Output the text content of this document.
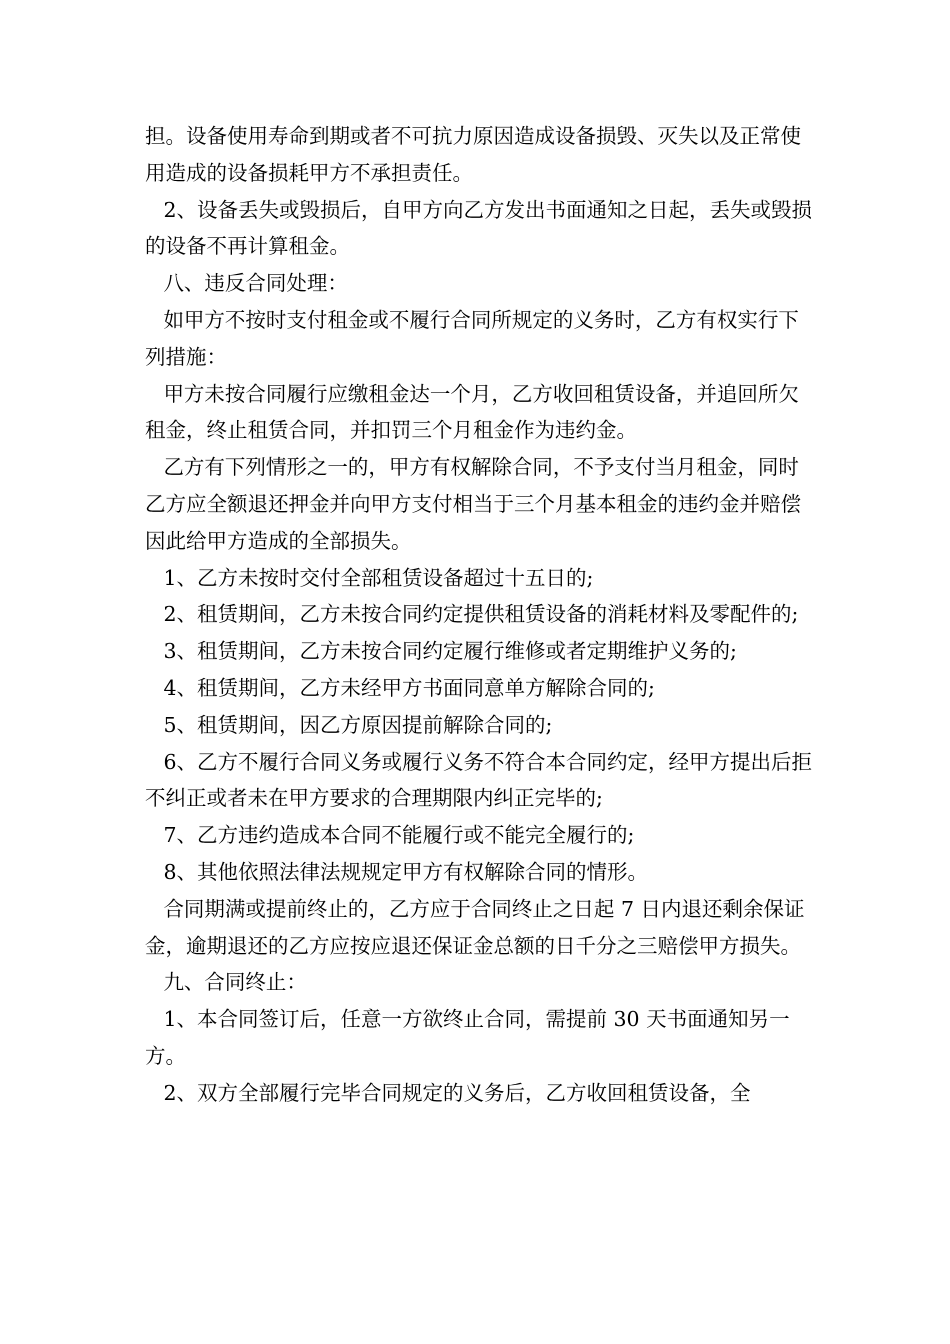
担。设备使用寿命到期或者不可抗力原因造成设备损毁、灭失以及正常使用造成的设备损耗甲方不承担责任。

2、设备丢失或毁损后，自甲方向乙方发出书面通知之日起，丢失或毁损的设备不再计算租金。

八、违反合同处理：

如甲方不按时支付租金或不履行合同所规定的义务时，乙方有权实行下列措施：

甲方未按合同履行应缴租金达一个月，乙方收回租赁设备，并追回所欠租金，终止租赁合同，并扣罚三个月租金作为违约金。

乙方有下列情形之一的，甲方有权解除合同，不予支付当月租金，同时乙方应全额退还押金并向甲方支付相当于三个月基本租金的违约金并赔偿因此给甲方造成的全部损失。

1、乙方未按时交付全部租赁设备超过十五日的;

2、租赁期间，乙方未按合同约定提供租赁设备的消耗材料及零配件的;

3、租赁期间，乙方未按合同约定履行维修或者定期维护义务的;

4、租赁期间，乙方未经甲方书面同意单方解除合同的;

5、租赁期间，因乙方原因提前解除合同的;

6、乙方不履行合同义务或履行义务不符合本合同约定，经甲方提出后拒不纠正或者未在甲方要求的合理期限内纠正完毕的;

7、乙方违约造成本合同不能履行或不能完全履行的;

8、其他依照法律法规规定甲方有权解除合同的情形。

合同期满或提前终止的，乙方应于合同终止之日起 7 日内退还剩余保证金，逾期退还的乙方应按应退还保证金总额的日千分之三赔偿甲方损失。

九、合同终止：

1、本合同签订后，任意一方欲终止合同，需提前 30 天书面通知另一方。

2、双方全部履行完毕合同规定的义务后，乙方收回租赁设备，全
